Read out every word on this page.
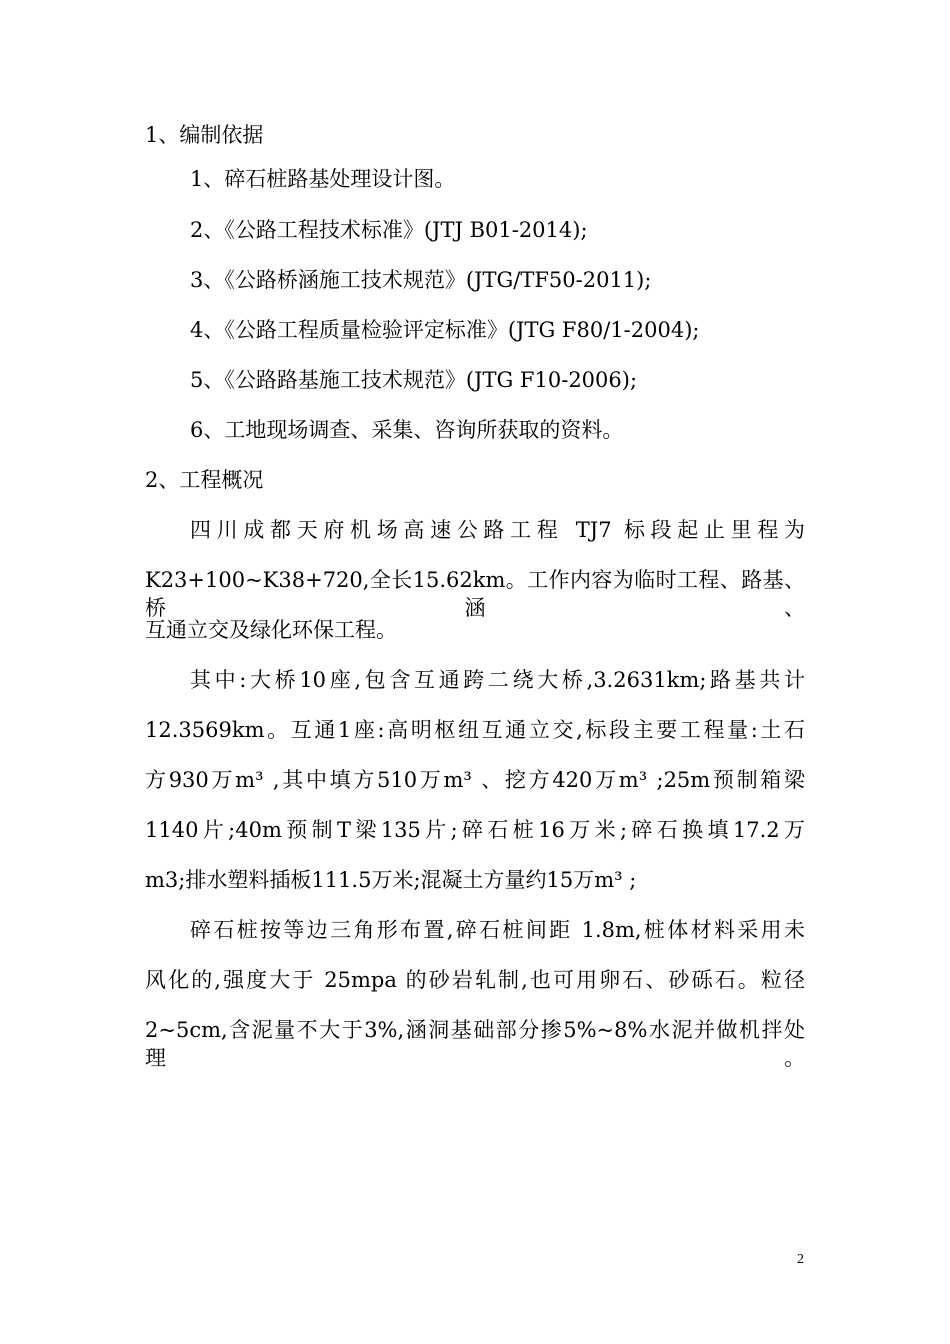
1、编制依据
1、碎石桩路基处理设计图。
2、《公路工程技术标准》(JTJ B01-2014);
3、《公路桥涵施工技术规范》(JTG/TF50-2011);
4、《公路工程质量检验评定标准》(JTG F80/1-2004);
5、《公路路基施工技术规范》(JTG F10-2006);
6、工地现场调查、采集、咨询所获取的资料。
2、工程概况
四川成都天府机场高速公路工程 TJ7 标段起止里程为
K23+100~K38+720,全长15.62km。工作内容为临时工程、路基、桥涵、
互通立交及绿化环保工程。
其中:大桥10座,包含互通跨二绕大桥,3.2631km;路基共计
12.3569km。互通1座:高明枢纽互通立交,标段主要工程量:土石
方930万m³ ,其中填方510万m³ 、挖方420万m³ ;25m预制箱梁
1140片;40m预制T梁135片;碎石桩16万米;碎石换填17.2万
m3;排水塑料插板111.5万米;混凝土方量约15万m³ ;
碎石桩按等边三角形布置,碎石桩间距 1.8m,桩体材料采用未
风化的,强度大于 25mpa 的砂岩轧制,也可用卵石、砂砾石。粒径
2~5cm,含泥量不大于3%,涵洞基础部分掺5%~8%水泥并做机拌处理。
2
